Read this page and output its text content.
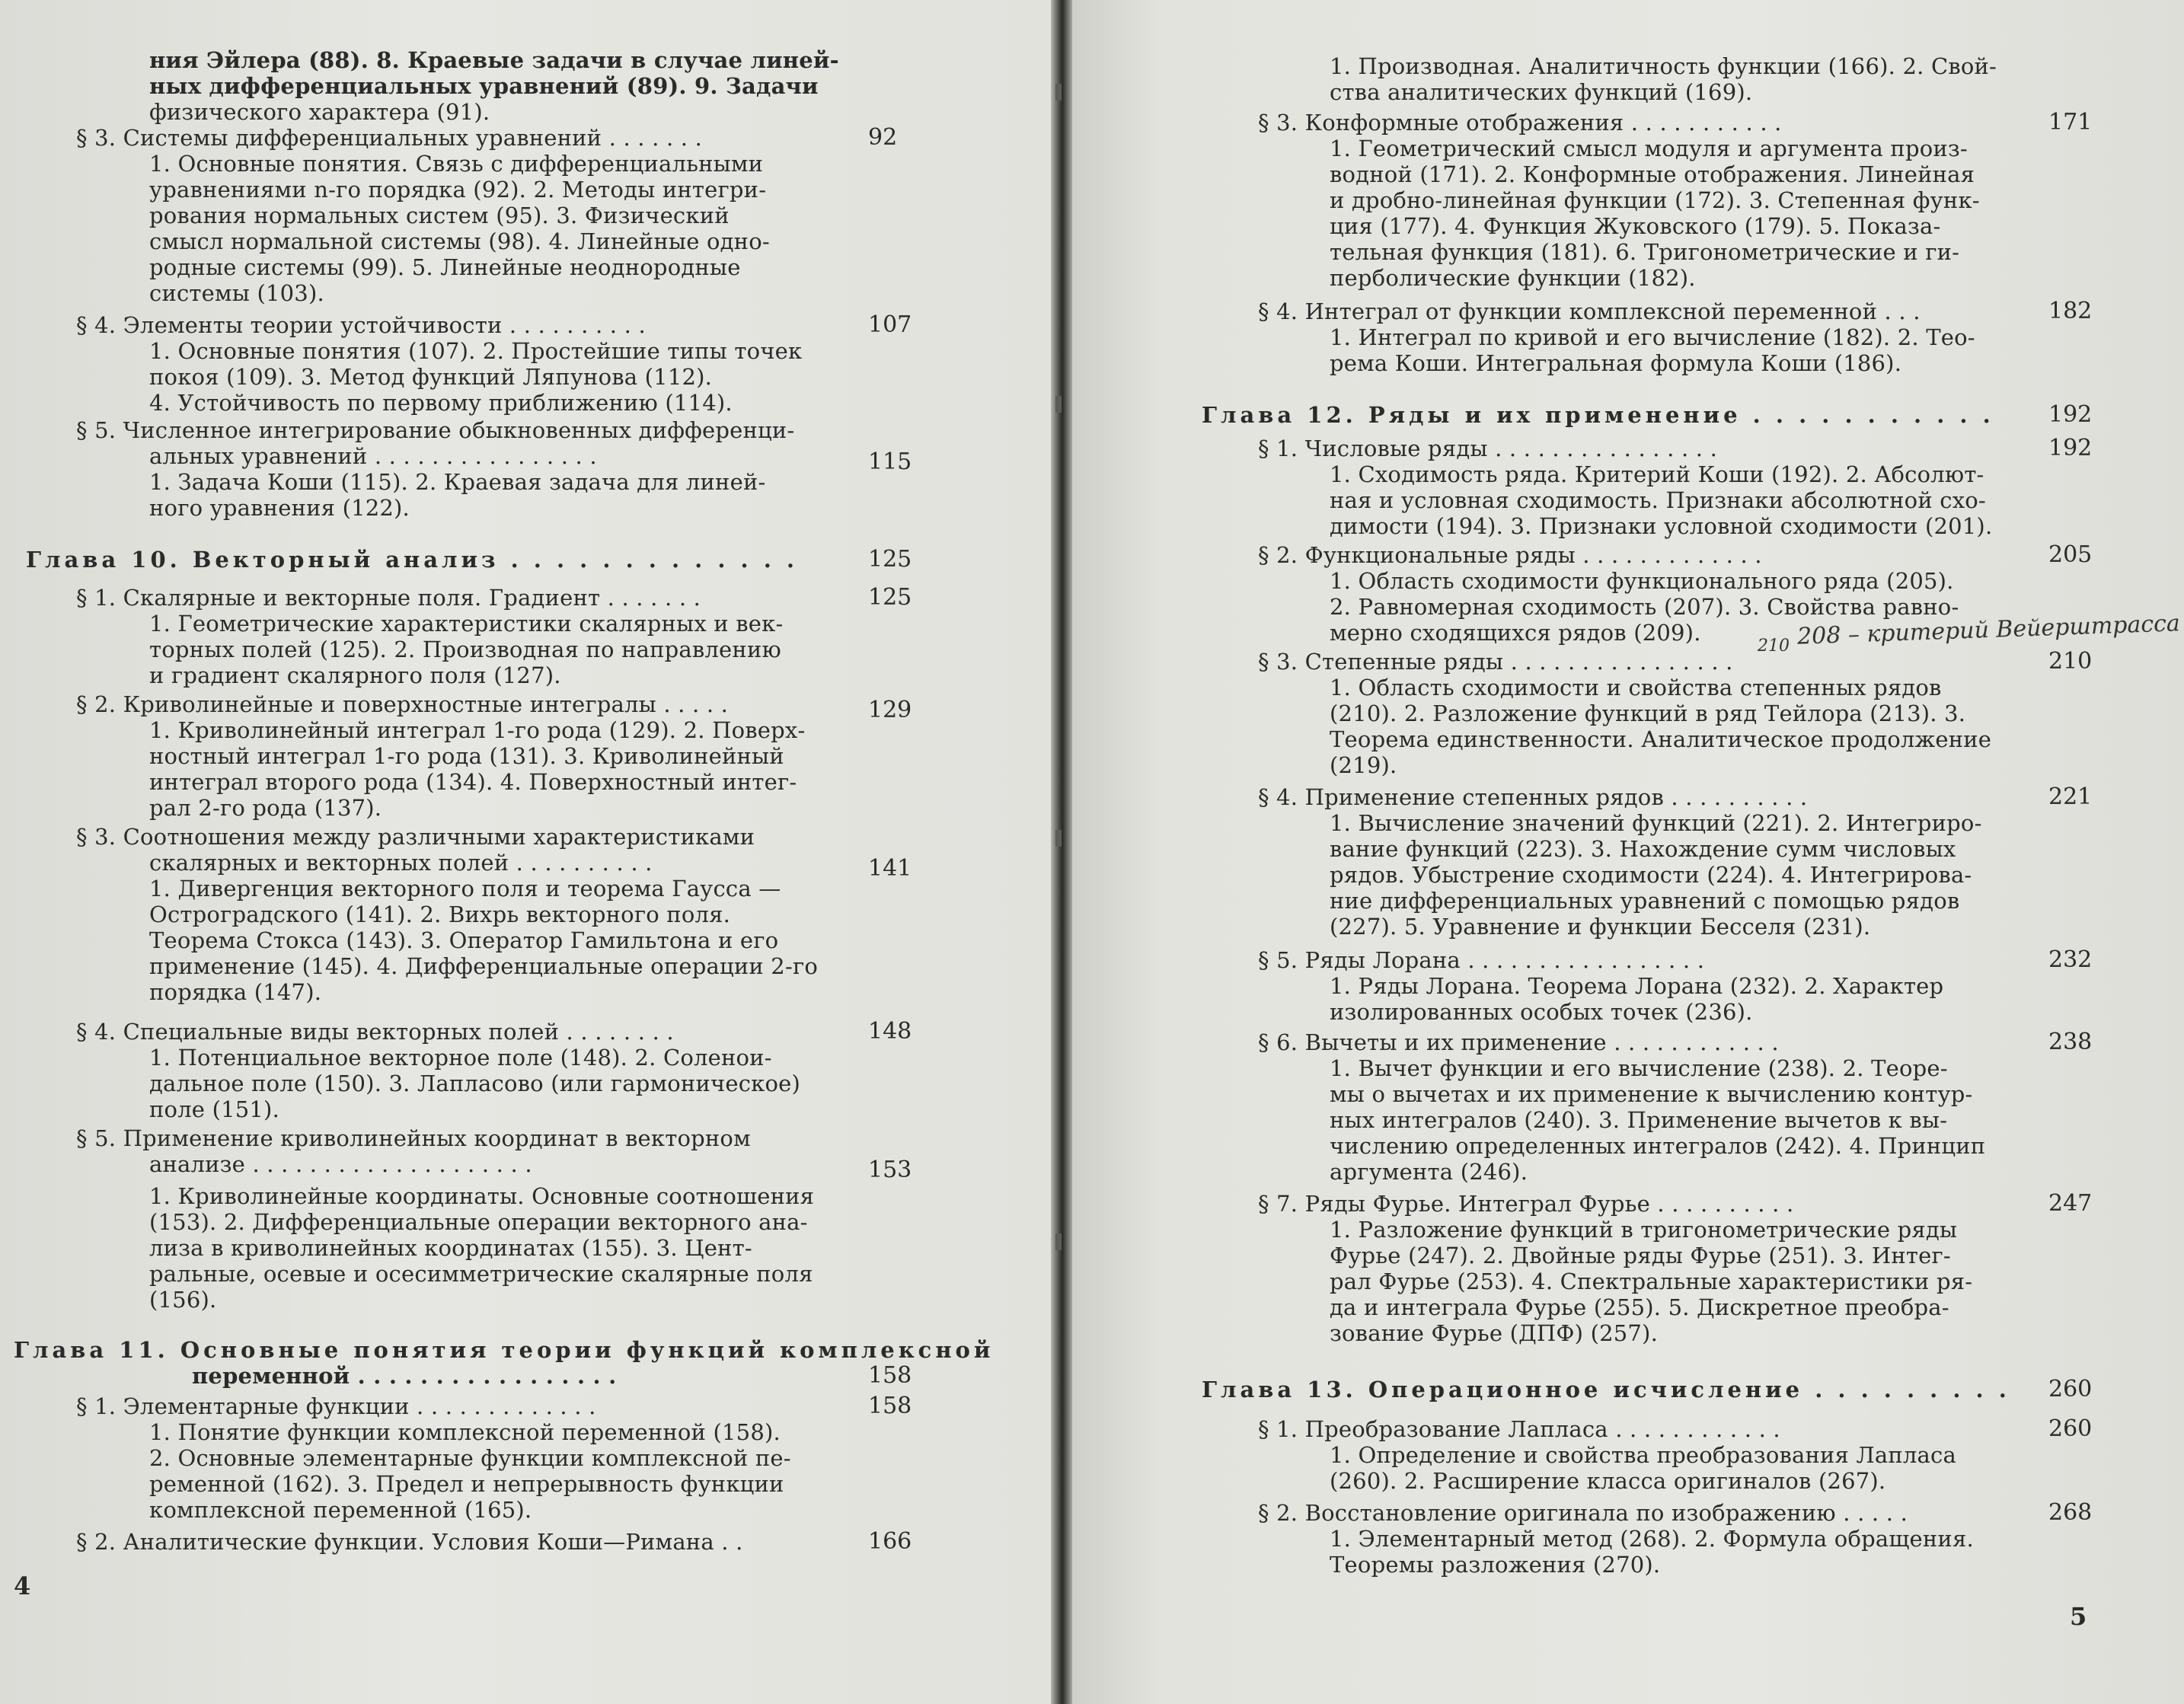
ния Эйлера (88). 8. Краевые задачи в случае линей-
ных дифференциальных уравнений (89). 9. Задачи
физического характера (91).
§ 3. Системы дифференциальных уравнений . . . . . . .
1. Основные понятия. Связь с дифференциальными
уравнениями n-го порядка (92). 2. Методы интегри-
рования нормальных систем (95). 3. Физический
смысл нормальной системы (98). 4. Линейные одно-
родные системы (99). 5. Линейные неоднородные
системы (103).
§ 4. Элементы теории устойчивости . . . . . . . . . .
1. Основные понятия (107). 2. Простейшие типы точек
покоя (109). 3. Метод функций Ляпунова (112).
4. Устойчивость по первому приближению (114).
§ 5. Численное интегрирование обыкновенных дифференци-
альных уравнений . . . . . . . . . . . . . . . .
1. Задача Коши (115). 2. Краевая задача для линей-
ного уравнения (122).
Глава 10. Векторный анализ . . . . . . . . . . . . .
§ 1. Скалярные и векторные поля. Градиент . . . . . . .
1. Геометрические характеристики скалярных и век-
торных полей (125). 2. Производная по направлению
и градиент скалярного поля (127).
§ 2. Криволинейные и поверхностные интегралы . . . . .
1. Криволинейный интеграл 1-го рода (129). 2. Поверх-
ностный интеграл 1-го рода (131). 3. Криволинейный
интеграл второго рода (134). 4. Поверхностный интег-
рал 2-го рода (137).
§ 3. Соотношения между различными характеристиками
скалярных и векторных полей . . . . . . . . . .
1. Дивергенция векторного поля и теорема Гаусса —
Остроградского (141). 2. Вихрь векторного поля.
Теорема Стокса (143). 3. Оператор Гамильтона и его
применение (145). 4. Дифференциальные операции 2-го
порядка (147).
§ 4. Специальные виды векторных полей . . . . . . . .
1. Потенциальное векторное поле (148). 2. Соленои-
дальное поле (150). 3. Лапласово (или гармоническое)
поле (151).
§ 5. Применение криволинейных координат в векторном
анализе . . . . . . . . . . . . . . . . . . . .
1. Криволинейные координаты. Основные соотношения
(153). 2. Дифференциальные операции векторного ана-
лиза в криволинейных координатах (155). 3. Цент-
ральные, осевые и осесимметрические скалярные поля
(156).
Глава 11. Основные понятия теории функций комплексной
переменной . . . . . . . . . . . . . . . . .
§ 1. Элементарные функции . . . . . . . . . . . . .
1. Понятие функции комплексной переменной (158).
2. Основные элементарные функции комплексной пе-
ременной (162). 3. Предел и непрерывность функции
комплексной переменной (165).
§ 2. Аналитические функции. Условия Коши—Римана . .
92
107
115
125
125
129
141
148
153
158
158
166
1. Производная. Аналитичность функции (166). 2. Свой-
ства аналитических функций (169).
§ 3. Конформные отображения . . . . . . . . . . .
1. Геометрический смысл модуля и аргумента произ-
водной (171). 2. Конформные отображения. Линейная
и дробно-линейная функции (172). 3. Степенная функ-
ция (177). 4. Функция Жуковского (179). 5. Показа-
тельная функция (181). 6. Тригонометрические и ги-
перболические функции (182).
§ 4. Интеграл от функции комплексной переменной . . .
1. Интеграл по кривой и его вычисление (182). 2. Тео-
рема Коши. Интегральная формула Коши (186).
Глава 12. Ряды и их применение . . . . . . . . . . .
§ 1. Числовые ряды . . . . . . . . . . . . . . . .
1. Сходимость ряда. Критерий Коши (192). 2. Абсолют-
ная и условная сходимость. Признаки абсолютной схо-
димости (194). 3. Признаки условной сходимости (201).
§ 2. Функциональные ряды . . . . . . . . . . . . .
1. Область сходимости функционального ряда (205).
2. Равномерная сходимость (207). 3. Свойства равно-
мерно сходящихся рядов (209).
§ 3. Степенные ряды . . . . . . . . . . . . . . . .
1. Область сходимости и свойства степенных рядов
(210). 2. Разложение функций в ряд Тейлора (213). 3.
Теорема единственности. Аналитическое продолжение
(219).
§ 4. Применение степенных рядов . . . . . . . . . .
1. Вычисление значений функций (221). 2. Интегриро-
вание функций (223). 3. Нахождение сумм числовых
рядов. Убыстрение сходимости (224). 4. Интегрирова-
ние дифференциальных уравнений с помощью рядов
(227). 5. Уравнение и функции Бесселя (231).
§ 5. Ряды Лорана . . . . . . . . . . . . . . . . .
1. Ряды Лорана. Теорема Лорана (232). 2. Характер
изолированных особых точек (236).
§ 6. Вычеты и их применение . . . . . . . . . . . .
1. Вычет функции и его вычисление (238). 2. Теоре-
мы о вычетах и их применение к вычислению контур-
ных интегралов (240). 3. Применение вычетов к вы-
числению определенных интегралов (242). 4. Принцип
аргумента (246).
§ 7. Ряды Фурье. Интеграл Фурье . . . . . . . . . .
1. Разложение функций в тригонометрические ряды
Фурье (247). 2. Двойные ряды Фурье (251). 3. Интег-
рал Фурье (253). 4. Спектральные характеристики ря-
да и интеграла Фурье (255). 5. Дискретное преобра-
зование Фурье (ДПФ) (257).
Глава 13. Операционное исчисление . . . . . . . . .
§ 1. Преобразование Лапласа . . . . . . . . . . . .
1. Определение и свойства преобразования Лапласа
(260). 2. Расширение класса оригиналов (267).
§ 2. Восстановление оригинала по изображению . . . . .
1. Элементарный метод (268). 2. Формула обращения.
Теоремы разложения (270).
171
182
192
192
205
210
221
232
238
247
260
260
268
4
5
208 – критерий Вейерштрасса
210
